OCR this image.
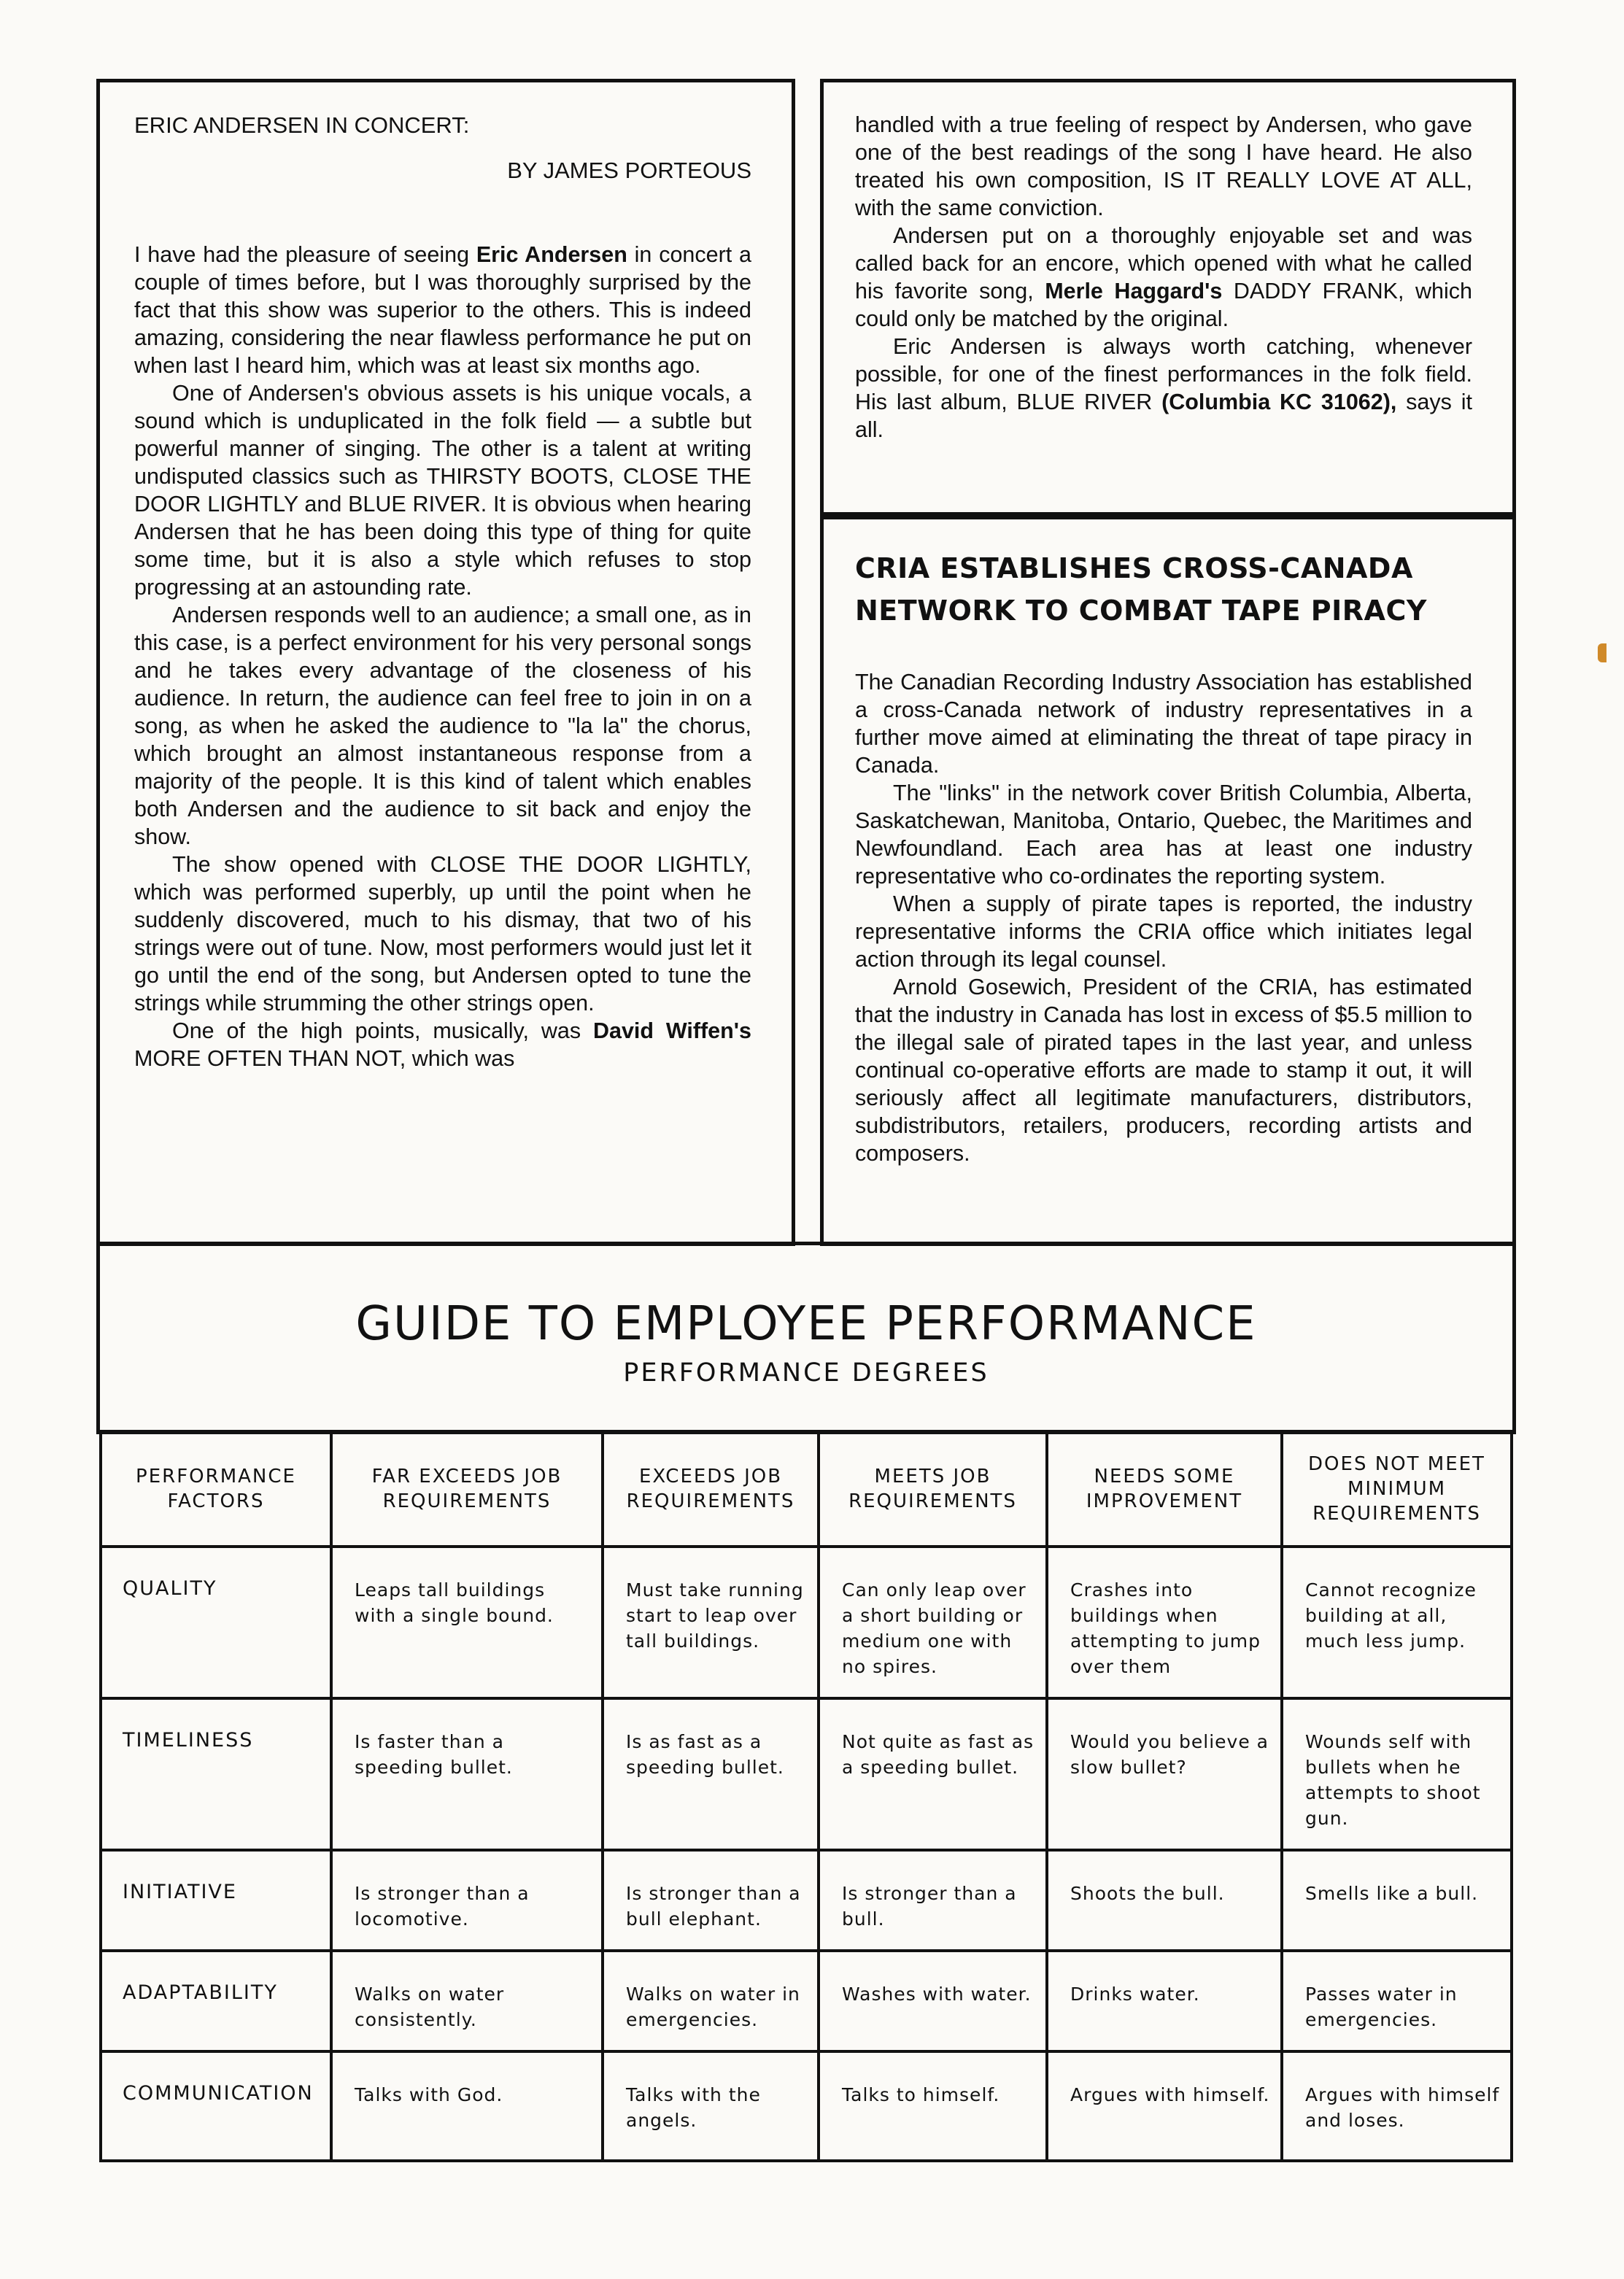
ERIC ANDERSEN IN CONCERT:
BY JAMES PORTEOUS

I have had the pleasure of seeing Eric Andersen in concert a couple of times before, but I was thoroughly surprised by the fact that this show was superior to the others. This is indeed amazing, considering the near flawless performance he put on when last I heard him, which was at least six months ago.

One of Andersen's obvious assets is his unique vocals, a sound which is unduplicated in the folk field — a subtle but powerful manner of singing. The other is a talent at writing undisputed classics such as THIRSTY BOOTS, CLOSE THE DOOR LIGHTLY and BLUE RIVER. It is obvious when hearing Andersen that he has been doing this type of thing for quite some time, but it is also a style which refuses to stop progressing at an astounding rate.

Andersen responds well to an audience; a small one, as in this case, is a perfect environment for his very personal songs and he takes every advantage of the closeness of his audience. In return, the audience can feel free to join in on a song, as when he asked the audience to "la la" the chorus, which brought an almost instantaneous response from a majority of the people. It is this kind of talent which enables both Andersen and the audience to sit back and enjoy the show.

The show opened with CLOSE THE DOOR LIGHTLY, which was performed superbly, up until the point when he suddenly discovered, much to his dismay, that two of his strings were out of tune. Now, most performers would just let it go until the end of the song, but Andersen opted to tune the strings while strumming the other strings open.

One of the high points, musically, was David Wiffen's MORE OFTEN THAN NOT, which was

handled with a true feeling of respect by Andersen, who gave one of the best readings of the song I have heard. He also treated his own composition, IS IT REALLY LOVE AT ALL, with the same conviction.

Andersen put on a thoroughly enjoyable set and was called back for an encore, which opened with what he called his favorite song, Merle Haggard's DADDY FRANK, which could only be matched by the original.

Eric Andersen is always worth catching, whenever possible, for one of the finest performances in the folk field. His last album, BLUE RIVER (Columbia KC 31062), says it all.

CRIA ESTABLISHES CROSS-CANADA
NETWORK TO COMBAT TAPE PIRACY

The Canadian Recording Industry Association has established a cross-Canada network of industry representatives in a further move aimed at eliminating the threat of tape piracy in Canada.

The "links" in the network cover British Columbia, Alberta, Saskatchewan, Manitoba, Ontario, Quebec, the Maritimes and Newfoundland. Each area has at least one industry representative who co-ordinates the reporting system.

When a supply of pirate tapes is reported, the industry representative informs the CRIA office which initiates legal action through its legal counsel.

Arnold Gosewich, President of the CRIA, has estimated that the industry in Canada has lost in excess of $5.5 million to the illegal sale of pirated tapes in the last year, and unless continual co-operative efforts are made to stamp it out, it will seriously affect all legitimate manufacturers, distributors, subdistributors, retailers, producers, recording artists and composers.

GUIDE TO EMPLOYEE PERFORMANCE
PERFORMANCE DEGREES
PERFORMANCE FACTORS	FAR EXCEEDS JOB REQUIREMENTS	EXCEEDS JOB REQUIREMENTS	MEETS JOB REQUIREMENTS	NEEDS SOME IMPROVEMENT	DOES NOT MEET MINIMUM REQUIREMENTS
QUALITY	Leaps tall buildings with a single bound.	Must take running start to leap over tall buildings.	Can only leap over a short building or medium one with no spires.	Crashes into buildings when attempting to jump over them	Cannot recognize building at all, much less jump.
TIMELINESS	Is faster than a speeding bullet.	Is as fast as a speeding bullet.	Not quite as fast as a speeding bullet.	Would you believe a slow bullet?	Wounds self with bullets when he attempts to shoot gun.
INITIATIVE	Is stronger than a locomotive.	Is stronger than a bull elephant.	Is stronger than a bull.	Shoots the bull.	Smells like a bull.
ADAPTABILITY	Walks on water consistently.	Walks on water in emergencies.	Washes with water.	Drinks water.	Passes water in emergencies.
COMMUNICATION	Talks with God.	Talks with the angels.	Talks to himself.	Argues with himself.	Argues with himself and loses.
